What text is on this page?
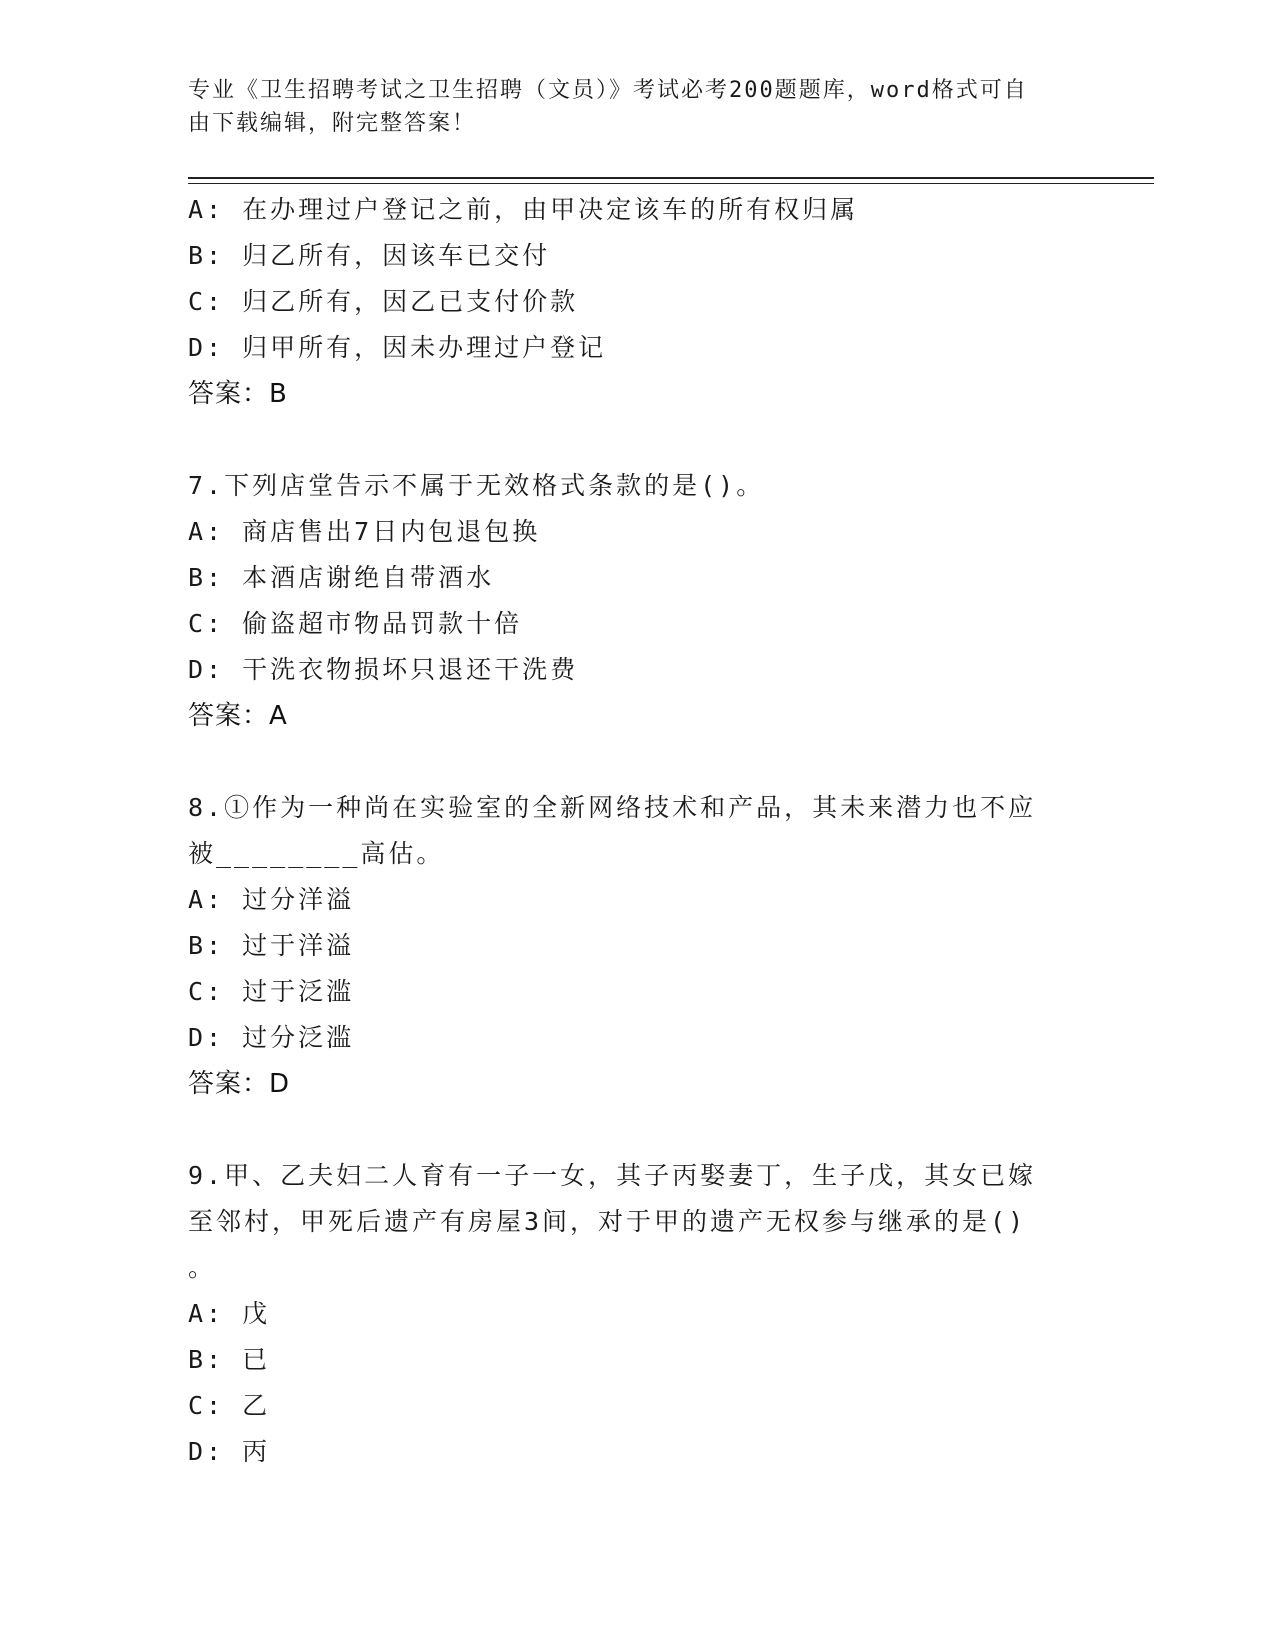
专业《卫生招聘考试之卫生招聘（文员）》考试必考200题题库，word格式可自
由下载编辑，附完整答案！
A: 在办理过户登记之前，由甲决定该车的所有权归属
B: 归乙所有，因该车已交付
C: 归乙所有，因乙已支付价款
D: 归甲所有，因未办理过户登记
答案：B
7.下列店堂告示不属于无效格式条款的是()。
A: 商店售出7日内包退包换
B: 本酒店谢绝自带酒水
C: 偷盗超市物品罚款十倍
D: 干洗衣物损坏只退还干洗费
答案：A
8.①作为一种尚在实验室的全新网络技术和产品，其未来潜力也不应
被________高估。
A: 过分洋溢
B: 过于洋溢
C: 过于泛滥
D: 过分泛滥
答案：D
9.甲、乙夫妇二人育有一子一女，其子丙娶妻丁，生子戊，其女已嫁
至邻村，甲死后遗产有房屋3间，对于甲的遗产无权参与继承的是()
。
A: 戊
B: 已
C: 乙
D: 丙
